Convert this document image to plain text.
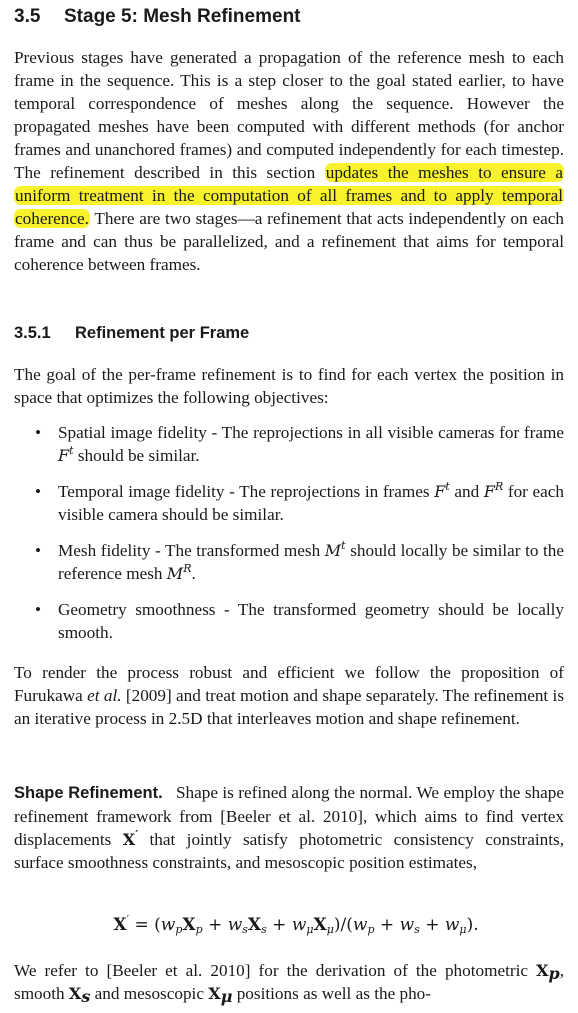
3.5 Stage 5: Mesh Refinement

Previous stages have generated a propagation of the reference mesh to each frame in the sequence. This is a step closer to the goal stated earlier, to have temporal correspondence of meshes along the sequence. However the propagated meshes have been computed with different methods (for anchor frames and unanchored frames) and computed independently for each timestep. The refinement described in this section updates the meshes to ensure a uniform treatment in the computation of all frames and to apply temporal coherence. There are two stages—a refinement that acts independently on each frame and can thus be parallelized, and a refinement that aims for temporal coherence between frames.

3.5.1 Refinement per Frame

The goal of the per-frame refinement is to find for each vertex the position in space that optimizes the following objectives:

• Spatial image fidelity - The reprojections in all visible cameras for frame $F^t$ should be similar.
• Temporal image fidelity - The reprojections in frames $F^t$ and $F^R$ for each visible camera should be similar.
• Mesh fidelity - The transformed mesh $M^t$ should locally be similar to the reference mesh $M^R$.
• Geometry smoothness - The transformed geometry should be locally smooth.

To render the process robust and efficient we follow the proposition of Furukawa et al. [2009] and treat motion and shape separately. The refinement is an iterative process in 2.5D that interleaves motion and shape refinement.

Shape Refinement. Shape is refined along the normal. We employ the shape refinement framework from [Beeler et al. 2010], which aims to find vertex displacements X′ that jointly satisfy photometric consistency constraints, surface smoothness constraints, and mesoscopic position estimates,

$X' = (w_pX_p + w_sX_s + w_\mu X_\mu)/(w_p + w_s + w_\mu)$.

We refer to [Beeler et al. 2010] for the derivation of the photometric $X_p$, smooth $X_s$ and mesoscopic $X_\mu$ positions as well as the pho-
